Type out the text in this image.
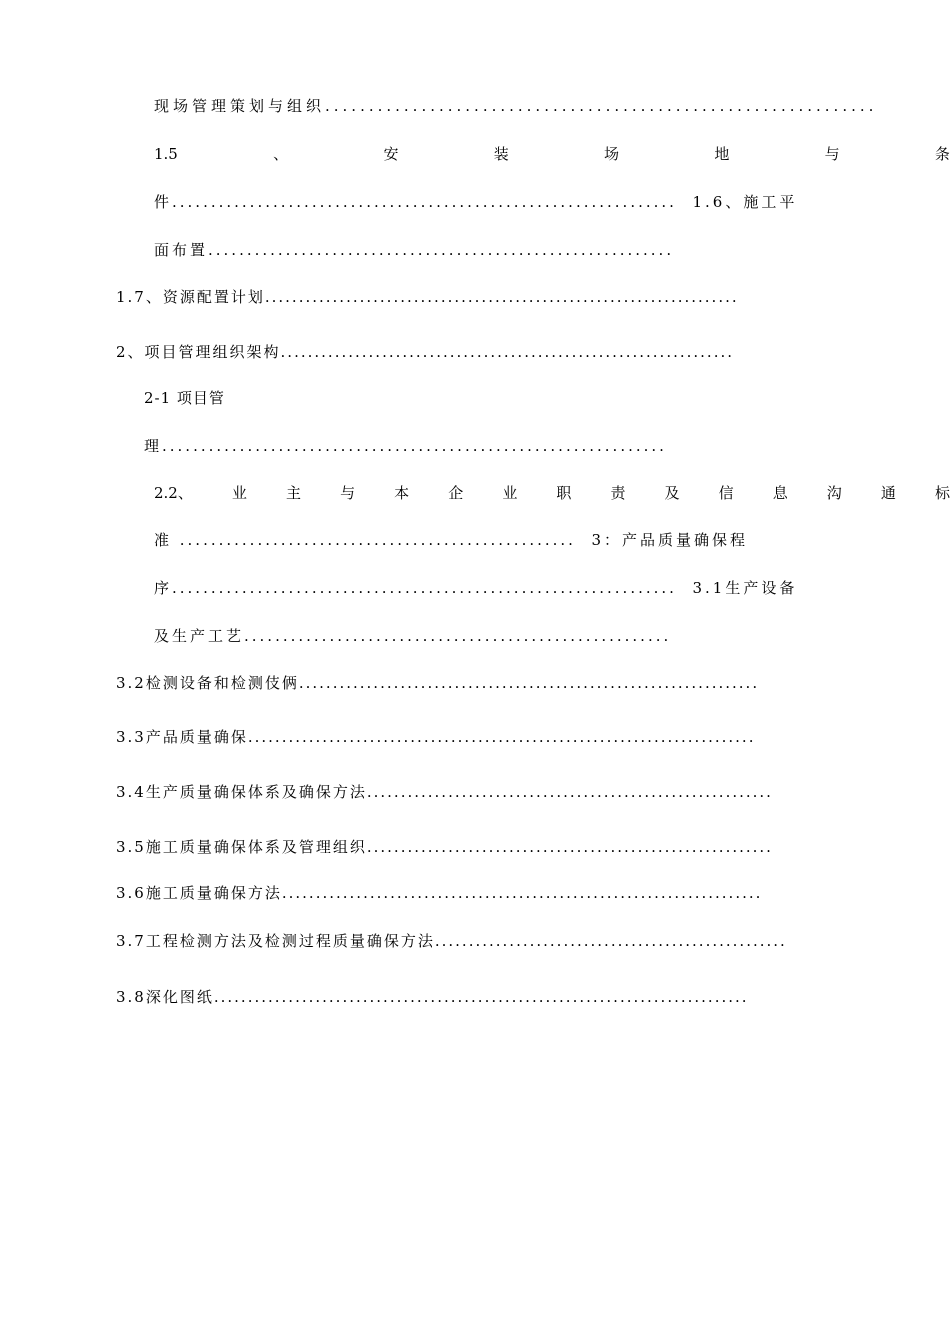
现场管理策划与组织...............................................................
1.5	、	安	装	场	地	与	条
件.................................................................  1.6、施工平
面布置............................................................
1.7、资源配置计划......................................................................
2、项目管理组织架构...................................................................
2-1 项目管
理.................................................................
2.2、	业	主	与	本	企	业	职	责	及	信	息	沟	通	标
准 ...................................................  3：产品质量确保程
序.................................................................  3.1生产设备
及生产工艺.......................................................
3.2检测设备和检测伎俩....................................................................
3.3产品质量确保...........................................................................
3.4生产质量确保体系及确保方法............................................................
3.5施工质量确保体系及管理组织............................................................
3.6施工质量确保方法.......................................................................
3.7工程检测方法及检测过程质量确保方法....................................................
3.8深化图纸...............................................................................
